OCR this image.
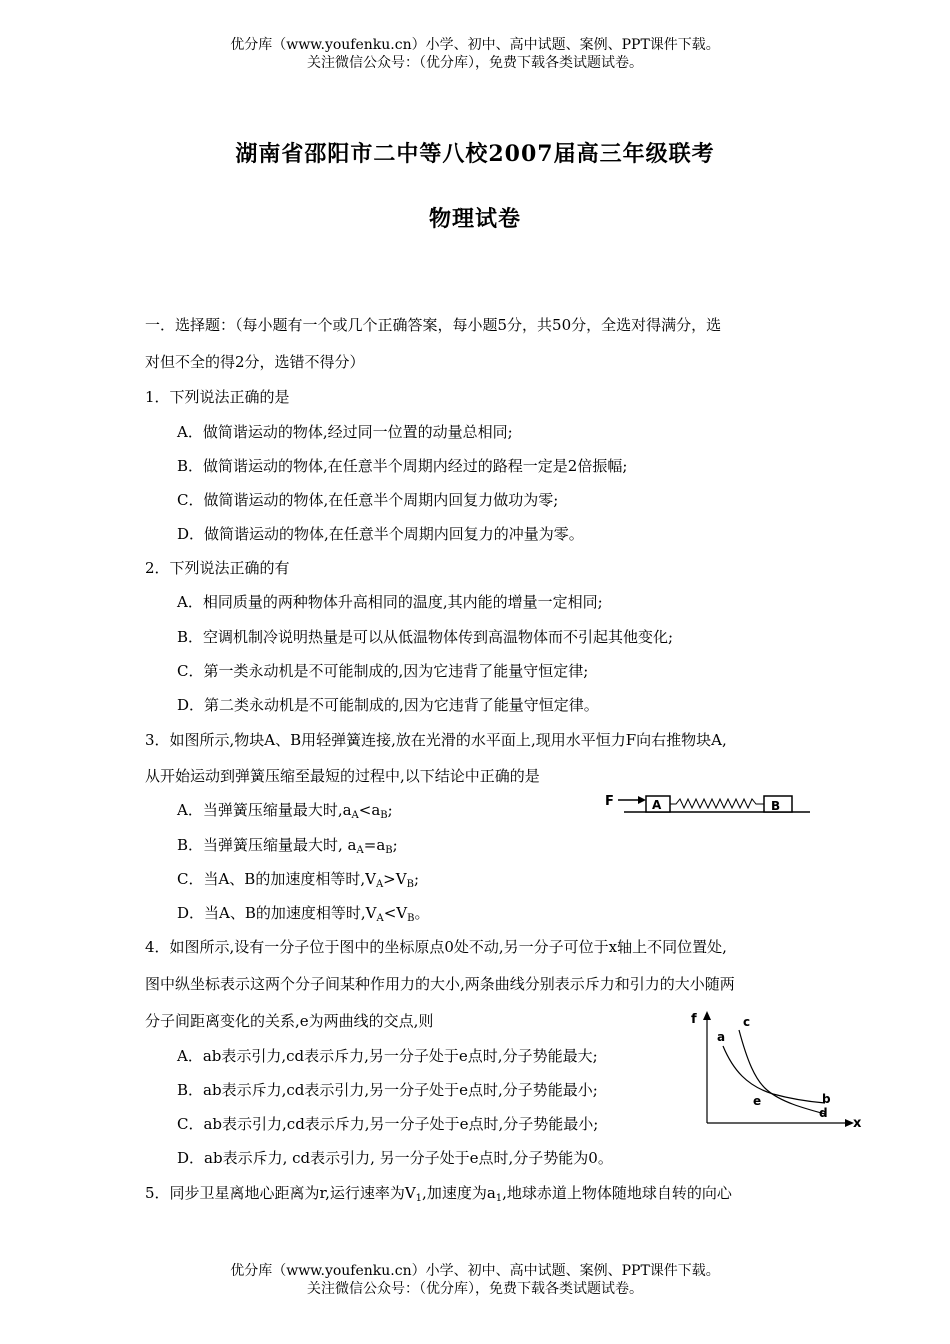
优分库（www.youfenku.cn）小学、初中、高中试题、案例、PPT课件下载。
关注微信公众号：（优分库），免费下载各类试题试卷。
湖南省邵阳市二中等八校2007届高三年级联考
物理试卷
一．选择题：（每小题有一个或几个正确答案，每小题5分，共50分，全选对得满分，选
对但不全的得2分，选错不得分）
1．下列说法正确的是
A．做简谐运动的物体,经过同一位置的动量总相同;
B．做简谐运动的物体,在任意半个周期内经过的路程一定是2倍振幅;
C．做简谐运动的物体,在任意半个周期内回复力做功为零;
D．做简谐运动的物体,在任意半个周期内回复力的冲量为零。
2．下列说法正确的有
A．相同质量的两种物体升高相同的温度,其内能的增量一定相同;
B．空调机制冷说明热量是可以从低温物体传到高温物体而不引起其他变化;
C．第一类永动机是不可能制成的,因为它违背了能量守恒定律;
D．第二类永动机是不可能制成的,因为它违背了能量守恒定律。
3．如图所示,物块A、B用轻弹簧连接,放在光滑的水平面上,现用水平恒力F向右推物块A,
从开始运动到弹簧压缩至最短的过程中,以下结论中正确的是
A．当弹簧压缩量最大时$,a_A<a_B$;
B．当弹簧压缩量最大时, $a_A=a_B$;
C．当A、B的加速度相等时$,V_A>V_B$;
D．当A、B的加速度相等时$,V_A<V_B$。
F	A	B
4．如图所示,设有一分子位于图中的坐标原点0处不动,另一分子可位于x轴上不同位置处,
图中纵坐标表示这两个分子间某种作用力的大小,两条曲线分别表示斥力和引力的大小随两
分子间距离变化的关系,e为两曲线的交点,则
A．ab表示引力,cd表示斥力,另一分子处于e点时,分子势能最大;
B．ab表示斥力,cd表示引力,另一分子处于e点时,分子势能最小;
C．ab表示引力,cd表示斥力,另一分子处于e点时,分子势能最小;
D．ab表示斥力, cd表示引力, 另一分子处于e点时,分子势能为0。
f
x
a
c
b
d
e
5．同步卫星离地心距离为r,运行速率为$V_1$,加速度为$a_1$,地球赤道上物体随地球自转的向心
优分库（www.youfenku.cn）小学、初中、高中试题、案例、PPT课件下载。
关注微信公众号：（优分库），免费下载各类试题试卷。
